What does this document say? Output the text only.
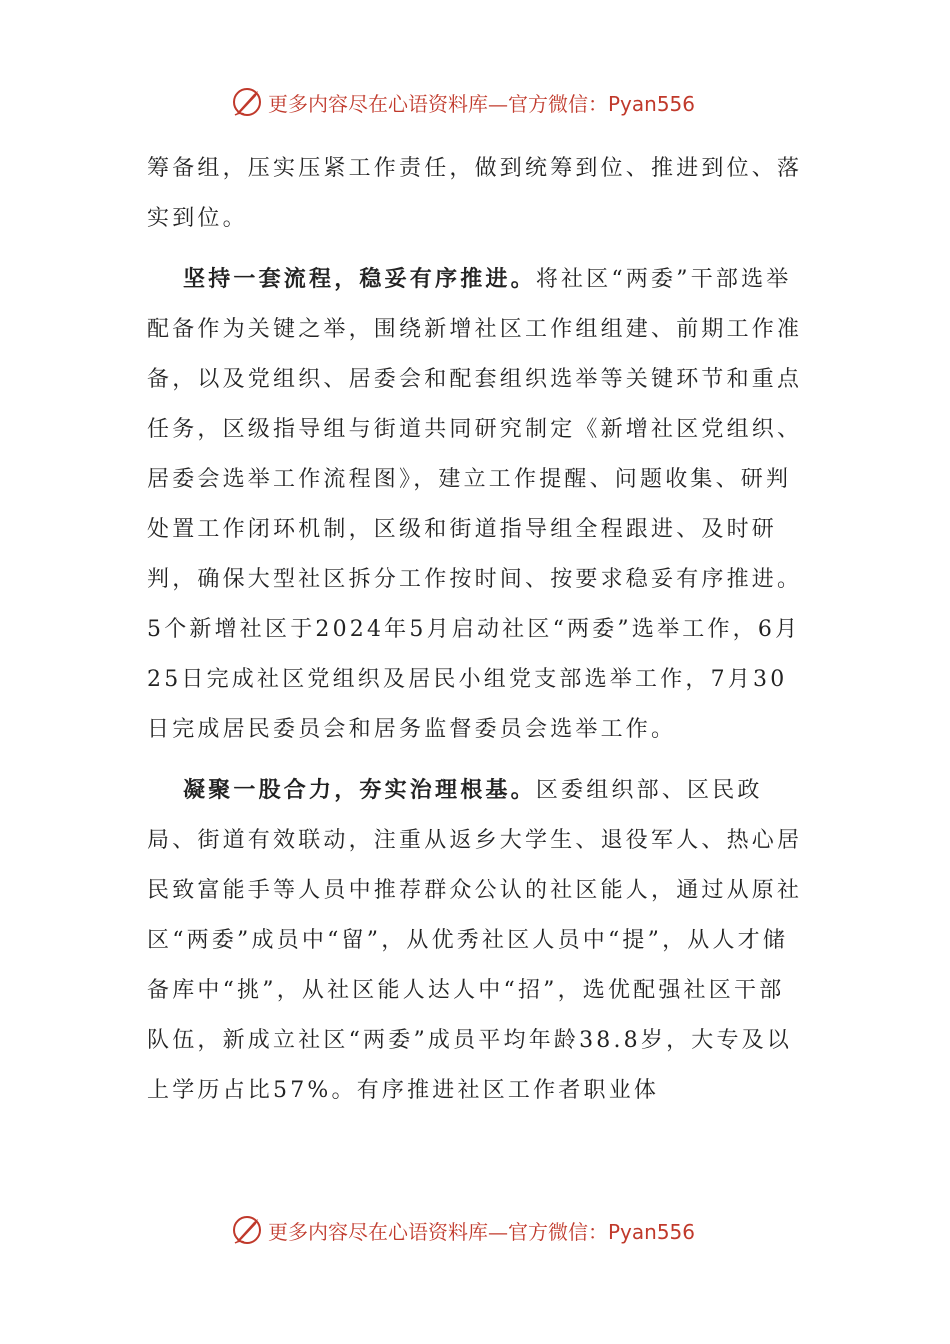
更多内容尽在心语资料库—官方微信：Pyan556

筹备组，压实压紧工作责任，做到统筹到位、推进到位、落实到位。

坚持一套流程，稳妥有序推进。将社区“两委”干部选举配备作为关键之举，围绕新增社区工作组组建、前期工作准备，以及党组织、居委会和配套组织选举等关键环节和重点任务，区级指导组与街道共同研究制定《新增社区党组织、居委会选举工作流程图》，建立工作提醒、问题收集、研判处置工作闭环机制，区级和街道指导组全程跟进、及时研判，确保大型社区拆分工作按时间、按要求稳妥有序推进。5个新增社区于2024年5月启动社区“两委”选举工作，6月25日完成社区党组织及居民小组党支部选举工作，7月30日完成居民委员会和居务监督委员会选举工作。

凝聚一股合力，夯实治理根基。区委组织部、区民政局、街道有效联动，注重从返乡大学生、退役军人、热心居民致富能手等人员中推荐群众公认的社区能人，通过从原社区“两委”成员中“留”，从优秀社区人员中“提”，从人才储备库中“挑”，从社区能人达人中“招”，选优配强社区干部队伍，新成立社区“两委”成员平均年龄38.8岁，大专及以上学历占比57%。有序推进社区工作者职业体

更多内容尽在心语资料库—官方微信：Pyan556
